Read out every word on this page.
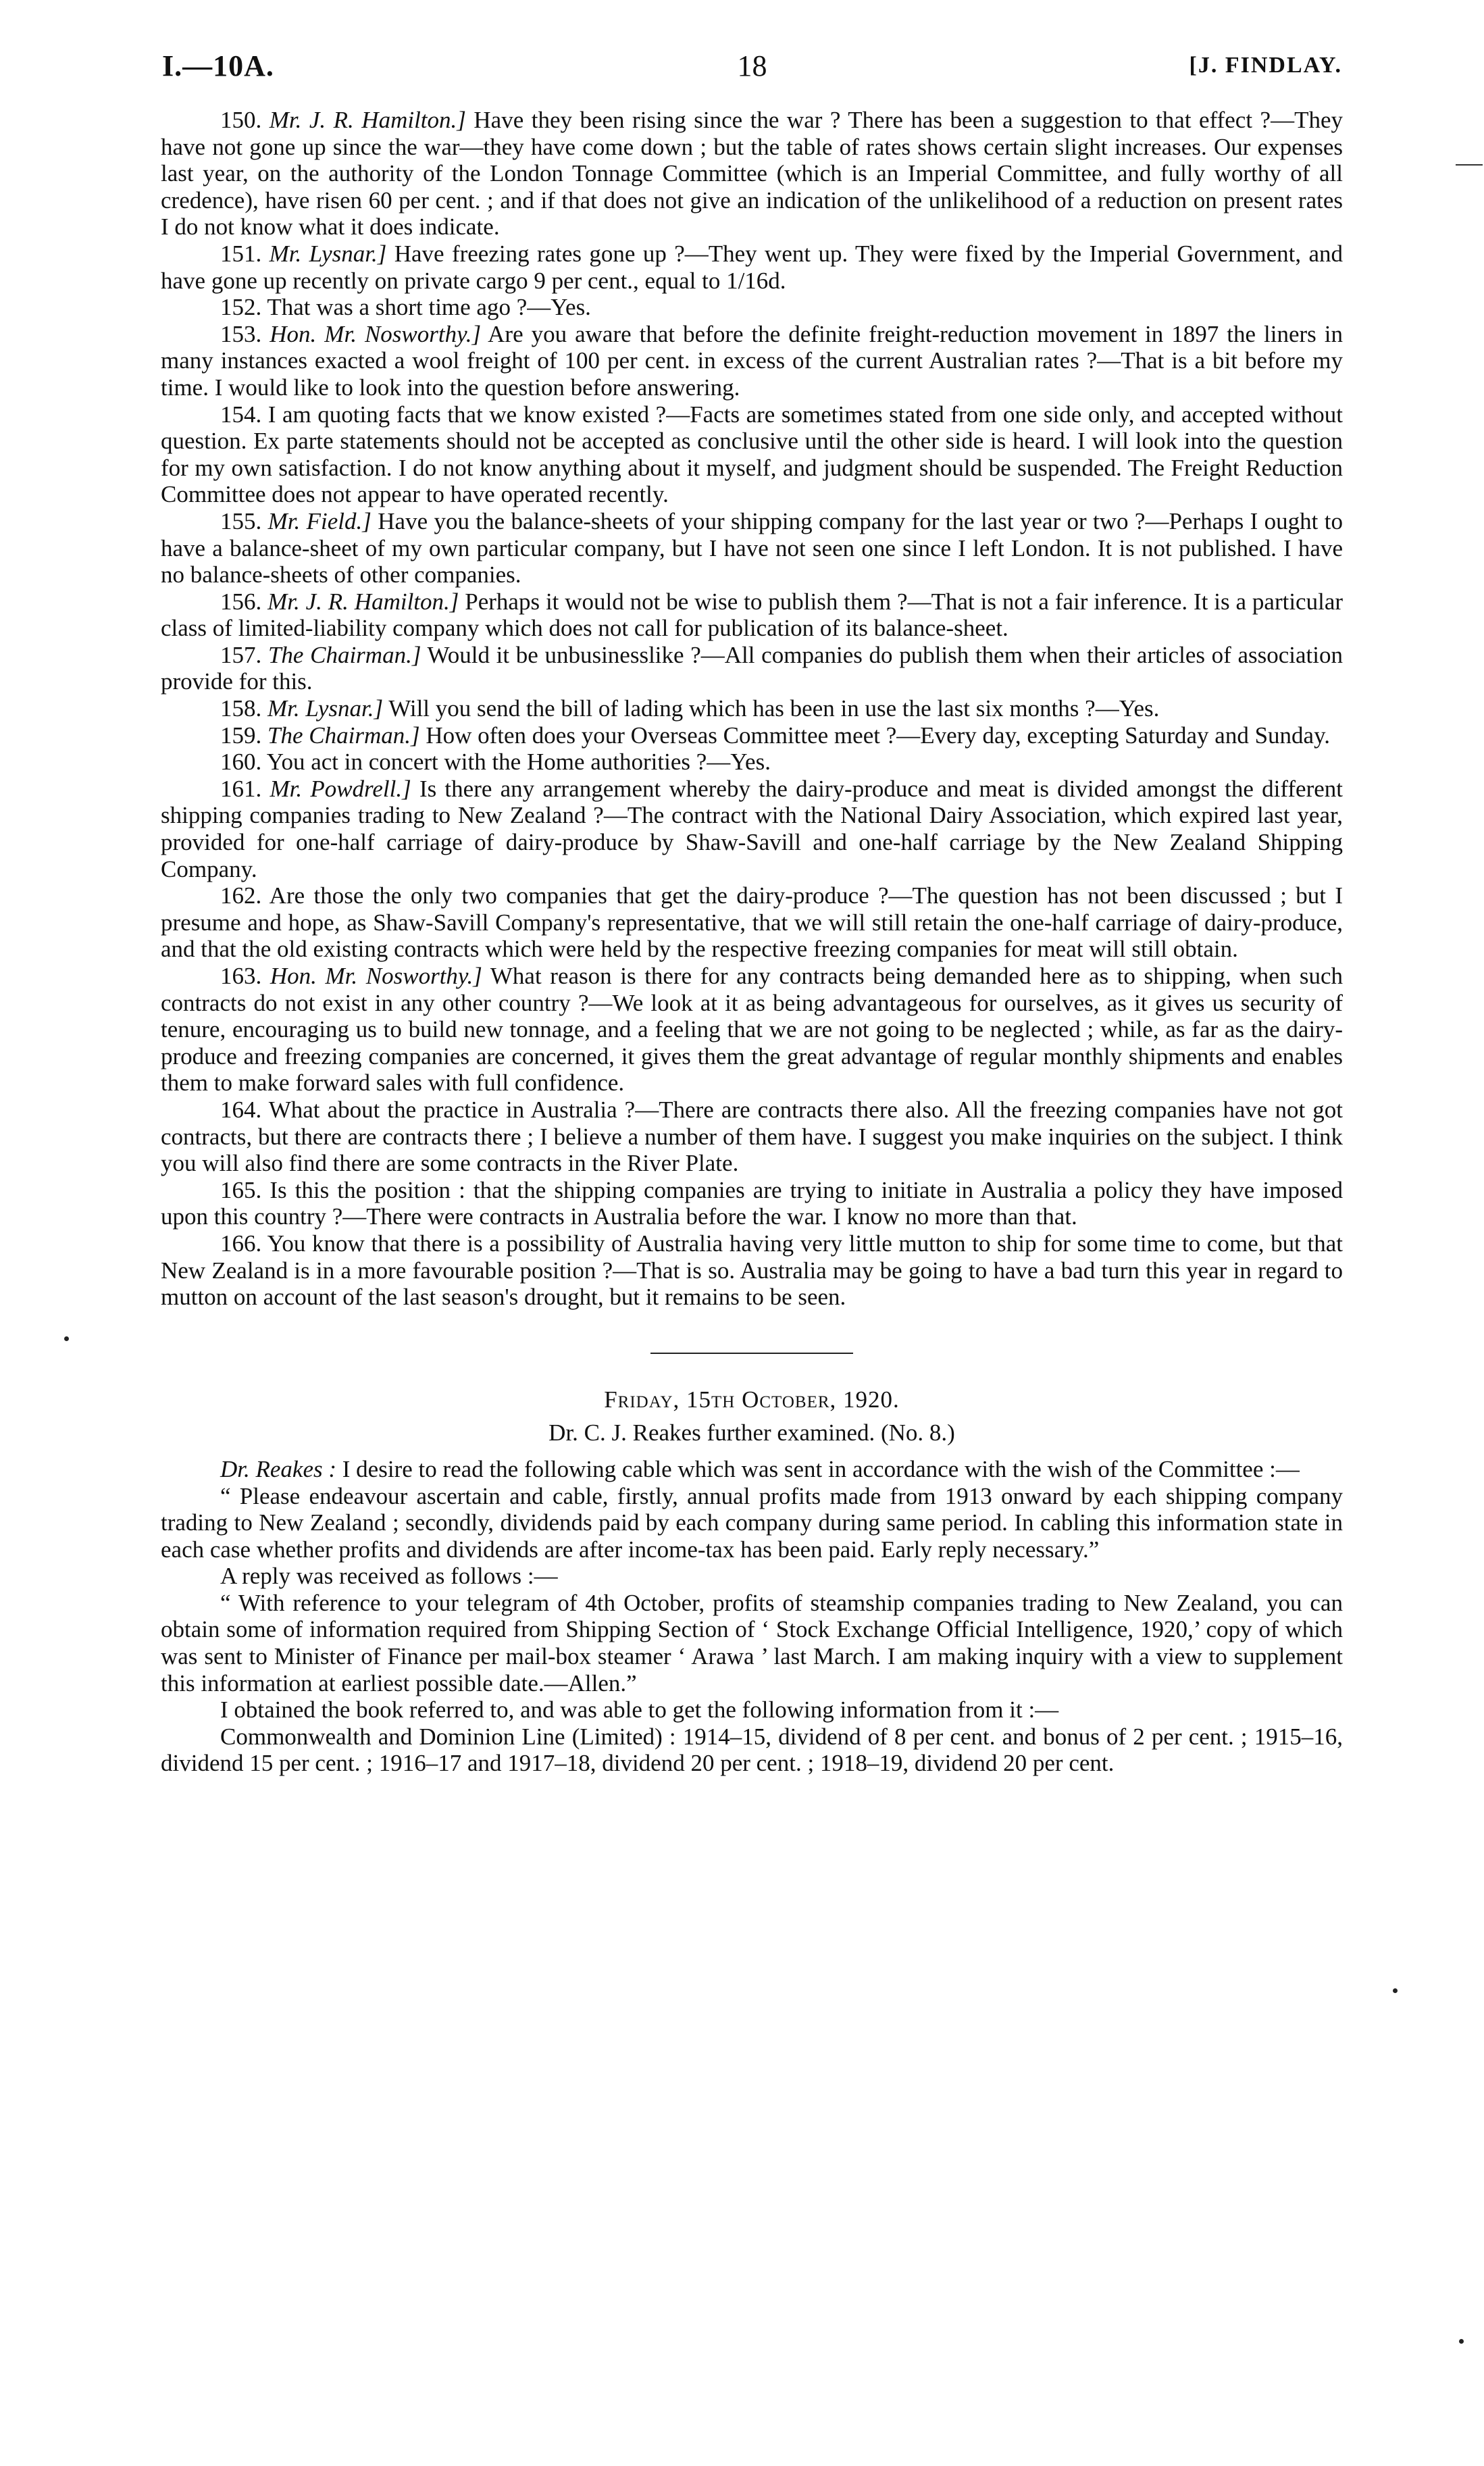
I.—10A.	18	[J. FINDLAY.

150. Mr. J. R. Hamilton.] Have they been rising since the war ? There has been a suggestion to that effect ?—They have not gone up since the war—they have come down ; but the table of rates shows certain slight increases. Our expenses last year, on the authority of the London Tonnage Committee (which is an Imperial Committee, and fully worthy of all credence), have risen 60 per cent. ; and if that does not give an indication of the unlikelihood of a reduction on present rates I do not know what it does indicate.

151. Mr. Lysnar.] Have freezing rates gone up ?—They went up. They were fixed by the Imperial Government, and have gone up recently on private cargo 9 per cent., equal to 1/16d.

152. That was a short time ago ?—Yes.

153. Hon. Mr. Nosworthy.] Are you aware that before the definite freight-reduction movement in 1897 the liners in many instances exacted a wool freight of 100 per cent. in excess of the current Australian rates ?—That is a bit before my time. I would like to look into the question before answering.

154. I am quoting facts that we know existed ?—Facts are sometimes stated from one side only, and accepted without question. Ex parte statements should not be accepted as conclusive until the other side is heard. I will look into the question for my own satisfaction. I do not know anything about it myself, and judgment should be suspended. The Freight Reduction Committee does not appear to have operated recently.

155. Mr. Field.] Have you the balance-sheets of your shipping company for the last year or two ?—Perhaps I ought to have a balance-sheet of my own particular company, but I have not seen one since I left London. It is not published. I have no balance-sheets of other companies.

156. Mr. J. R. Hamilton.] Perhaps it would not be wise to publish them ?—That is not a fair inference. It is a particular class of limited-liability company which does not call for publication of its balance-sheet.

157. The Chairman.] Would it be unbusinesslike ?—All companies do publish them when their articles of association provide for this.

158. Mr. Lysnar.] Will you send the bill of lading which has been in use the last six months ?—Yes.

159. The Chairman.] How often does your Overseas Committee meet ?—Every day, excepting Saturday and Sunday.

160. You act in concert with the Home authorities ?—Yes.

161. Mr. Powdrell.] Is there any arrangement whereby the dairy-produce and meat is divided amongst the different shipping companies trading to New Zealand ?—The contract with the National Dairy Association, which expired last year, provided for one-half carriage of dairy-produce by Shaw-Savill and one-half carriage by the New Zealand Shipping Company.

162. Are those the only two companies that get the dairy-produce ?—The question has not been discussed ; but I presume and hope, as Shaw-Savill Company's representative, that we will still retain the one-half carriage of dairy-produce, and that the old existing contracts which were held by the respective freezing companies for meat will still obtain.

163. Hon. Mr. Nosworthy.] What reason is there for any contracts being demanded here as to shipping, when such contracts do not exist in any other country ?—We look at it as being advantageous for ourselves, as it gives us security of tenure, encouraging us to build new tonnage, and a feeling that we are not going to be neglected ; while, as far as the dairy-produce and freezing companies are concerned, it gives them the great advantage of regular monthly shipments and enables them to make forward sales with full confidence.

164. What about the practice in Australia ?—There are contracts there also. All the freezing companies have not got contracts, but there are contracts there ; I believe a number of them have. I suggest you make inquiries on the subject. I think you will also find there are some contracts in the River Plate.

165. Is this the position : that the shipping companies are trying to initiate in Australia a policy they have imposed upon this country ?—There were contracts in Australia before the war. I know no more than that.

166. You know that there is a possibility of Australia having very little mutton to ship for some time to come, but that New Zealand is in a more favourable position ?—That is so. Australia may be going to have a bad turn this year in regard to mutton on account of the last season's drought, but it remains to be seen.

Friday, 15th October, 1920.

Dr. C. J. Reakes further examined. (No. 8.)

Dr. Reakes : I desire to read the following cable which was sent in accordance with the wish of the Committee :—

“ Please endeavour ascertain and cable, firstly, annual profits made from 1913 onward by each shipping company trading to New Zealand ; secondly, dividends paid by each company during same period. In cabling this information state in each case whether profits and dividends are after income-tax has been paid. Early reply necessary.”

A reply was received as follows :—

“ With reference to your telegram of 4th October, profits of steamship companies trading to New Zealand, you can obtain some of information required from Shipping Section of ‘ Stock Exchange Official Intelligence, 1920,’ copy of which was sent to Minister of Finance per mail-box steamer ‘ Arawa ’ last March. I am making inquiry with a view to supplement this information at earliest possible date.—Allen.”

I obtained the book referred to, and was able to get the following information from it :—

Commonwealth and Dominion Line (Limited) : 1914–15, dividend of 8 per cent. and bonus of 2 per cent. ; 1915–16, dividend 15 per cent. ; 1916–17 and 1917–18, dividend 20 per cent. ; 1918–19, dividend 20 per cent.
